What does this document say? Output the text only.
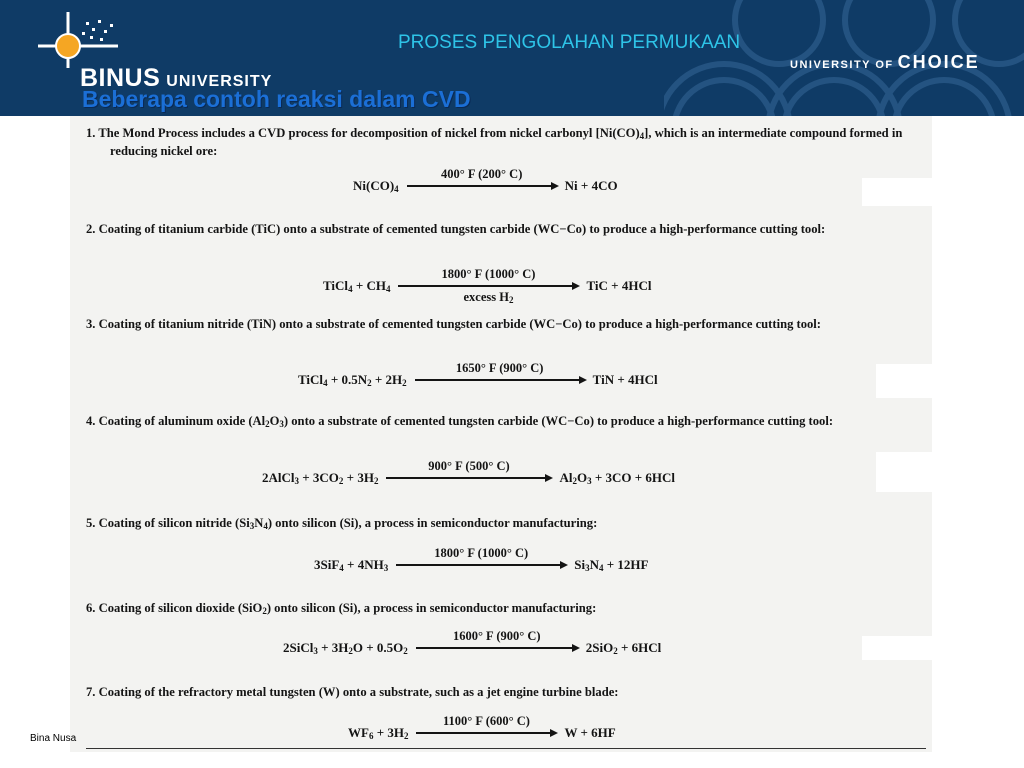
BINUS UNIVERSITY
PROSES PENGOLAHAN PERMUKAAN
UNIVERSITY OF CHOICE
Beberapa contoh reaksi dalam CVD
1. The Mond Process includes a CVD process for decomposition of nickel from nickel carbonyl $[Ni(CO)_4]$, which is an intermediate compound formed in reducing nickel ore:
$Ni(CO)_4$
400° F (200° C)
Ni + 4CO
2. Coating of titanium carbide (TiC) onto a substrate of cemented tungsten carbide (WC−Co) to produce a high-performance cutting tool:
TiCl$_4$ + $CH_4$
1800° F (1000° C)
excess $H_2$
TiC + 4HCl
3. Coating of titanium nitride (TiN) onto a substrate of cemented tungsten carbide (WC−Co) to produce a high-performance cutting tool:
TiCl$_4$ + $0.5N_2 + 2H_2$
1650° F (900° C)
TiN + 4HCl
4. Coating of aluminum oxide $(Al_2O_3)$ onto a substrate of cemented tungsten carbide (WC−Co) to produce a high-performance cutting tool:
2AlCl$_3$ + $3CO_2 + 3H_2$
900° F (500° C)
$Al_2O_3 + 3CO + 6HCl$
5. Coating of silicon nitride $(Si_3N_4)$ onto silicon (Si), a process in semiconductor manufacturing:
$3SiF_4 + 4NH_3$
1800° F (1000° C)
$Si_3N_4 + 12HF$
6. Coating of silicon dioxide (SiO$_2$) onto silicon (Si), a process in semiconductor manufacturing:
2SiCl$_3$ + $3H_2O + 0.5O_2$
1600° F (900° C)
2SiO$_2$ + 6HCl
7. Coating of the refractory metal tungsten (W) onto a substrate, such as a jet engine turbine blade:
$WF_6 + 3H_2$
1100° F (600° C)
W + 6HF
Bina Nusa
